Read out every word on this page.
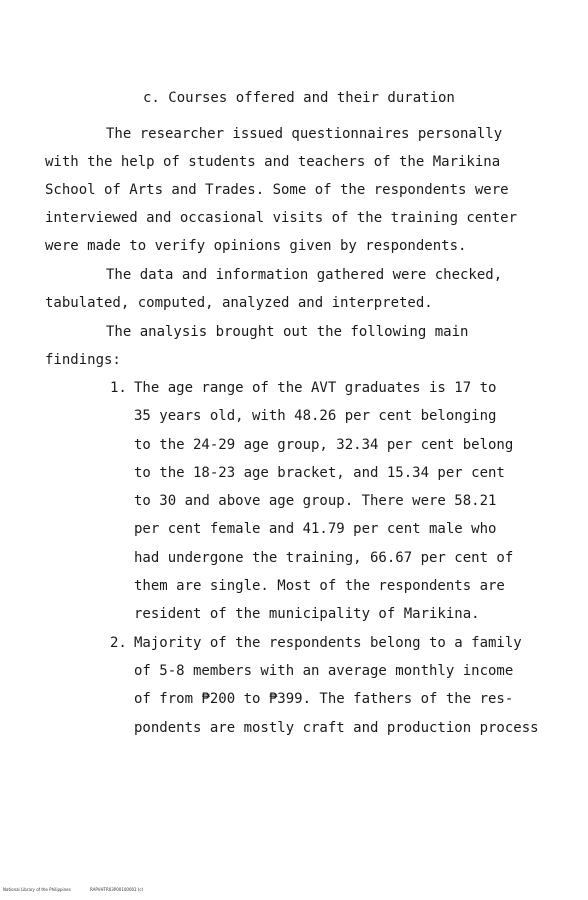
c. Courses offered and their duration
The researcher issued questionnaires personally
with the help of students and teachers of the Marikina
School of Arts and Trades. Some of the respondents were
interviewed and occasional visits of the training center
were made to verify opinions given by respondents.
The data and information gathered were checked,
tabulated, computed, analyzed and interpreted.
The analysis brought out the following main
findings:
1. The age range of the AVT graduates is 17 to
35 years old, with 48.26 per cent belonging
to the 24-29 age group, 32.34 per cent belong
to the 18-23 age bracket, and 15.34 per cent
to 30 and above age group. There were 58.21
per cent female and 41.79 per cent male who
had undergone the training, 66.67 per cent of
them are single. Most of the respondents are
resident of the municipality of Marikina.
2. Majority of the respondents belong to a family
of 5-8 members with an average monthly income
of from ₱200 to ₱399. The fathers of the res-
pondents are mostly craft and production process
National Library of the Philippines	RAPVHTR03P00100001 (c)
